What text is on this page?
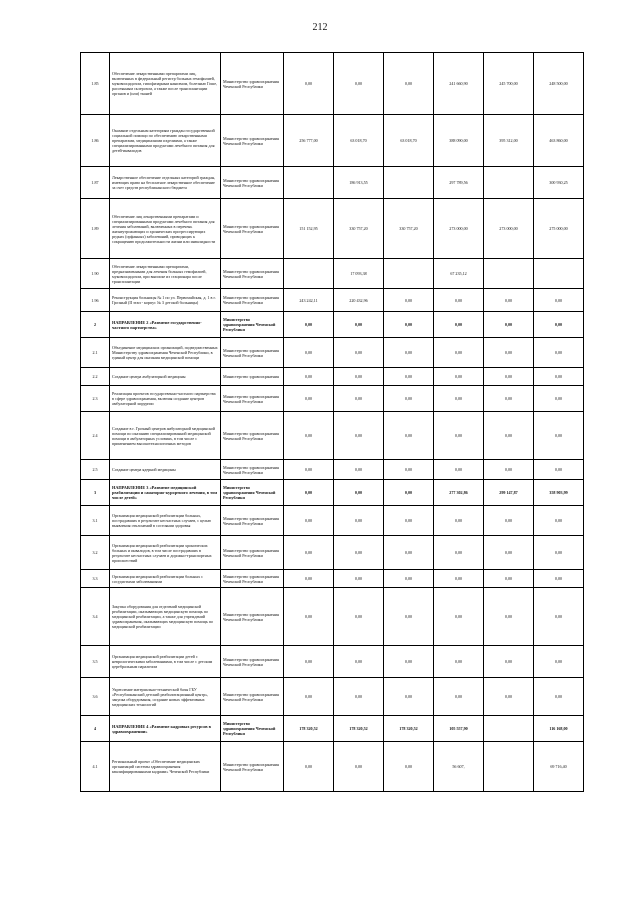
212
1.85	Обеспечение лекарственными препаратами лиц, включенных в федеральный регистр больных гемофилией, муковисцидозом, гипофизарным нанизмом, болезнью Гоше, рассеянным склерозом, а также после трансплантации органов и (или) тканей	Министерство здравоохранения Чеченской Республики	0,00	0,00	0,00	241 660,90	245 700,00	248 500,00
1.86	Оказание отдельным категориям граждан государственной социальной помощи по обеспечению лекарственными препаратами, медицинскими изделиями, а также специализированными продуктами лечебного питания для детей-инвалидов	Министерство здравоохранения Чеченской Республики	256 777,00	63 018,70	63 018,70	388 090,00	395 312,00	463 860,00
1.87	Лекарственное обеспечение отдельных категорий граждан, имеющих право на бесплатное лекарственное обеспечение за счет средств республиканского бюджета	Министерство здравоохранения Чеченской Республики		186 913,55		297 789,56		300 930,25
1.89	Обеспечение лиц лекарственными препаратами и специализированными продуктами лечебного питания для лечения заболеваний, включенных в перечень жизнеугрожающих и хронических прогрессирующих редких (орфанных) заболеваний, приводящих к сокращению продолжительности жизни или инвалидности	Министерство здравоохранения Чеченской Республики	151 152,95	330 757,20	330 757,20	273 000,00	273 000,00	275 000,00
1.90	Обеспечение лекарственными препаратами, предназначенными для лечения больных гемофилией, муковисцидозом, при выписке из стационара после трансплантации	Министерство здравоохранения Чеченской Республики		17 093,38		67 235,12		
1.96	Реконструкция больницы № 1 по ул. Первомайская, д. 1 в г. Грозный (II этап - корпус № 3 детской больницы)	Министерство здравоохранения Чеченской Республики	243 242,11	220 432,96	0,00	0,00	0,00	0,00
2	НАПРАВЛЕНИЕ 2 «Развитие государственно-частного партнерства»	Министерство здравоохранения Чеченской Республики	0,00	0,00	0,00	0,00	0,00	0,00
2.1	Объединение медицинских организаций, подведомственных Министерству здравоохранения Чеченской Республики, в единый центр для оказания медицинской помощи	Министерство здравоохранения Чеченской Республики	0,00	0,00	0,00	0,00	0,00	0,00
2.2	Создание центра амбулаторной медицины	Министерство здравоохранения	0,00	0,00	0,00	0,00	0,00	0,00
2.3	Реализация проектов государственно-частного партнерства в сфере здравоохранения, включая создание центров амбулаторной хирургии	Министерство здравоохранения Чеченской Республики	0,00	0,00	0,00	0,00	0,00	0,00
2.4	Создание в г. Грозный центров амбулаторной медицинской помощи по оказанию специализированной медицинской помощи в амбулаторных условиях, в том числе с применением высокотехнологичных методов	Министерство здравоохранения Чеченской Республики	0,00	0,00	0,00	0,00	0,00	0,00
2.5	Создание центра ядерной медицины	Министерство здравоохранения Чеченской Республики	0,00	0,00	0,00	0,00	0,00	0,00
3	НАПРАВЛЕНИЕ 3 «Развитие медицинской реабилитации и санаторно-курортного лечения, в том числе детей»	Министерство здравоохранения Чеченской Республики	0,00	0,00	0,00	277 302,86	299 147,87	358 903,99
3.1	Организация медицинской реабилитации больных, пострадавших в результате несчастных случаев, с целью выявления отклонений в состоянии здоровья	Министерство здравоохранения Чеченской Республики	0,00	0,00	0,00	0,00	0,00	0,00
3.2	Организация медицинской реабилитации хронических больных и инвалидов, в том числе пострадавших в результате несчастных случаев и дорожно-транспортных происшествий	Министерство здравоохранения Чеченской Республики	0,00	0,00	0,00	0,00	0,00	0,00
3.3	Организация медицинской реабилитации больных с сосудистыми заболеваниями	Министерство здравоохранения Чеченской Республики	0,00	0,00	0,00	0,00	0,00	0,00
3.4	Закупка оборудования для отделений медицинской реабилитации, оказывающих медицинскую помощь по медицинской реабилитации, а также для учреждений здравоохранения, оказывающих медицинскую помощь по медицинской реабилитации	Министерство здравоохранения Чеченской Республики	0,00	0,00	0,00	0,00	0,00	0,00
3.5	Организация медицинской реабилитации детей с неврологическими заболеваниями, в том числе с детским церебральным параличом	Министерство здравоохранения Чеченской Республики	0,00	0,00	0,00	0,00	0,00	0,00
3.6	Укрепление материально-технической базы ГБУ «Республиканский детский реабилитационный центр», закупка оборудования, создание новых эффективных медицинских технологий	Министерство здравоохранения Чеченской Республики	0,00	0,00	0,00	0,00	0,00	0,00
4	НАПРАВЛЕНИЕ 4 «Развитие кадровых ресурсов в здравоохранении»	Министерство здравоохранения Чеченской Республики	178 320,52	178 320,52	178 320,52	105 557,90		116 168,00
4.1	Региональный проект «Обеспечение медицинских организаций системы здравоохранения квалифицированными кадрами» Чеченской Республики	Министерство здравоохранения Чеченской Республики	0,00	0,00	0,00	56 607,		69 716,40
